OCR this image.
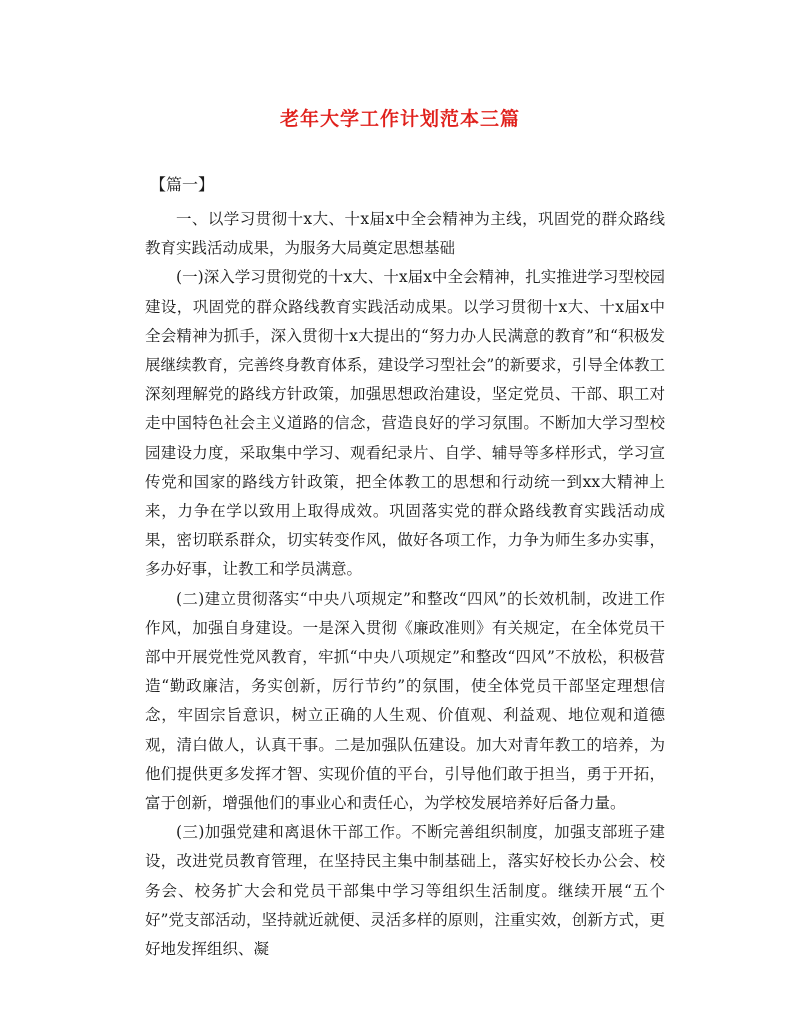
老年大学工作计划范本三篇

【篇一】

一、以学习贯彻十x大、十x届x中全会精神为主线，巩固党的群众路线教育实践活动成果，为服务大局奠定思想基础

(一)深入学习贯彻党的十x大、十x届x中全会精神，扎实推进学习型校园建设，巩固党的群众路线教育实践活动成果。以学习贯彻十x大、十x届x中全会精神为抓手，深入贯彻十x大提出的“努力办人民满意的教育”和“积极发展继续教育，完善终身教育体系，建设学习型社会”的新要求，引导全体教工深刻理解党的路线方针政策，加强思想政治建设，坚定党员、干部、职工对走中国特色社会主义道路的信念，营造良好的学习氛围。不断加大学习型校园建设力度，采取集中学习、观看纪录片、自学、辅导等多样形式，学习宣传党和国家的路线方针政策，把全体教工的思想和行动统一到xx大精神上来，力争在学以致用上取得成效。巩固落实党的群众路线教育实践活动成果，密切联系群众，切实转变作风，做好各项工作，力争为师生多办实事，多办好事，让教工和学员满意。

(二)建立贯彻落实“中央八项规定”和整改“四风”的长效机制，改进工作作风，加强自身建设。一是深入贯彻《廉政准则》有关规定，在全体党员干部中开展党性党风教育，牢抓“中央八项规定”和整改“四风”不放松，积极营造“勤政廉洁，务实创新，厉行节约”的氛围，使全体党员干部坚定理想信念，牢固宗旨意识，树立正确的人生观、价值观、利益观、地位观和道德观，清白做人，认真干事。二是加强队伍建设。加大对青年教工的培养，为他们提供更多发挥才智、实现价值的平台，引导他们敢于担当，勇于开拓，富于创新，增强他们的事业心和责任心，为学校发展培养好后备力量。

(三)加强党建和离退休干部工作。不断完善组织制度，加强支部班子建设，改进党员教育管理，在坚持民主集中制基础上，落实好校长办公会、校务会、校务扩大会和党员干部集中学习等组织生活制度。继续开展“五个好”党支部活动，坚持就近就便、灵活多样的原则，注重实效，创新方式，更好地发挥组织、凝
